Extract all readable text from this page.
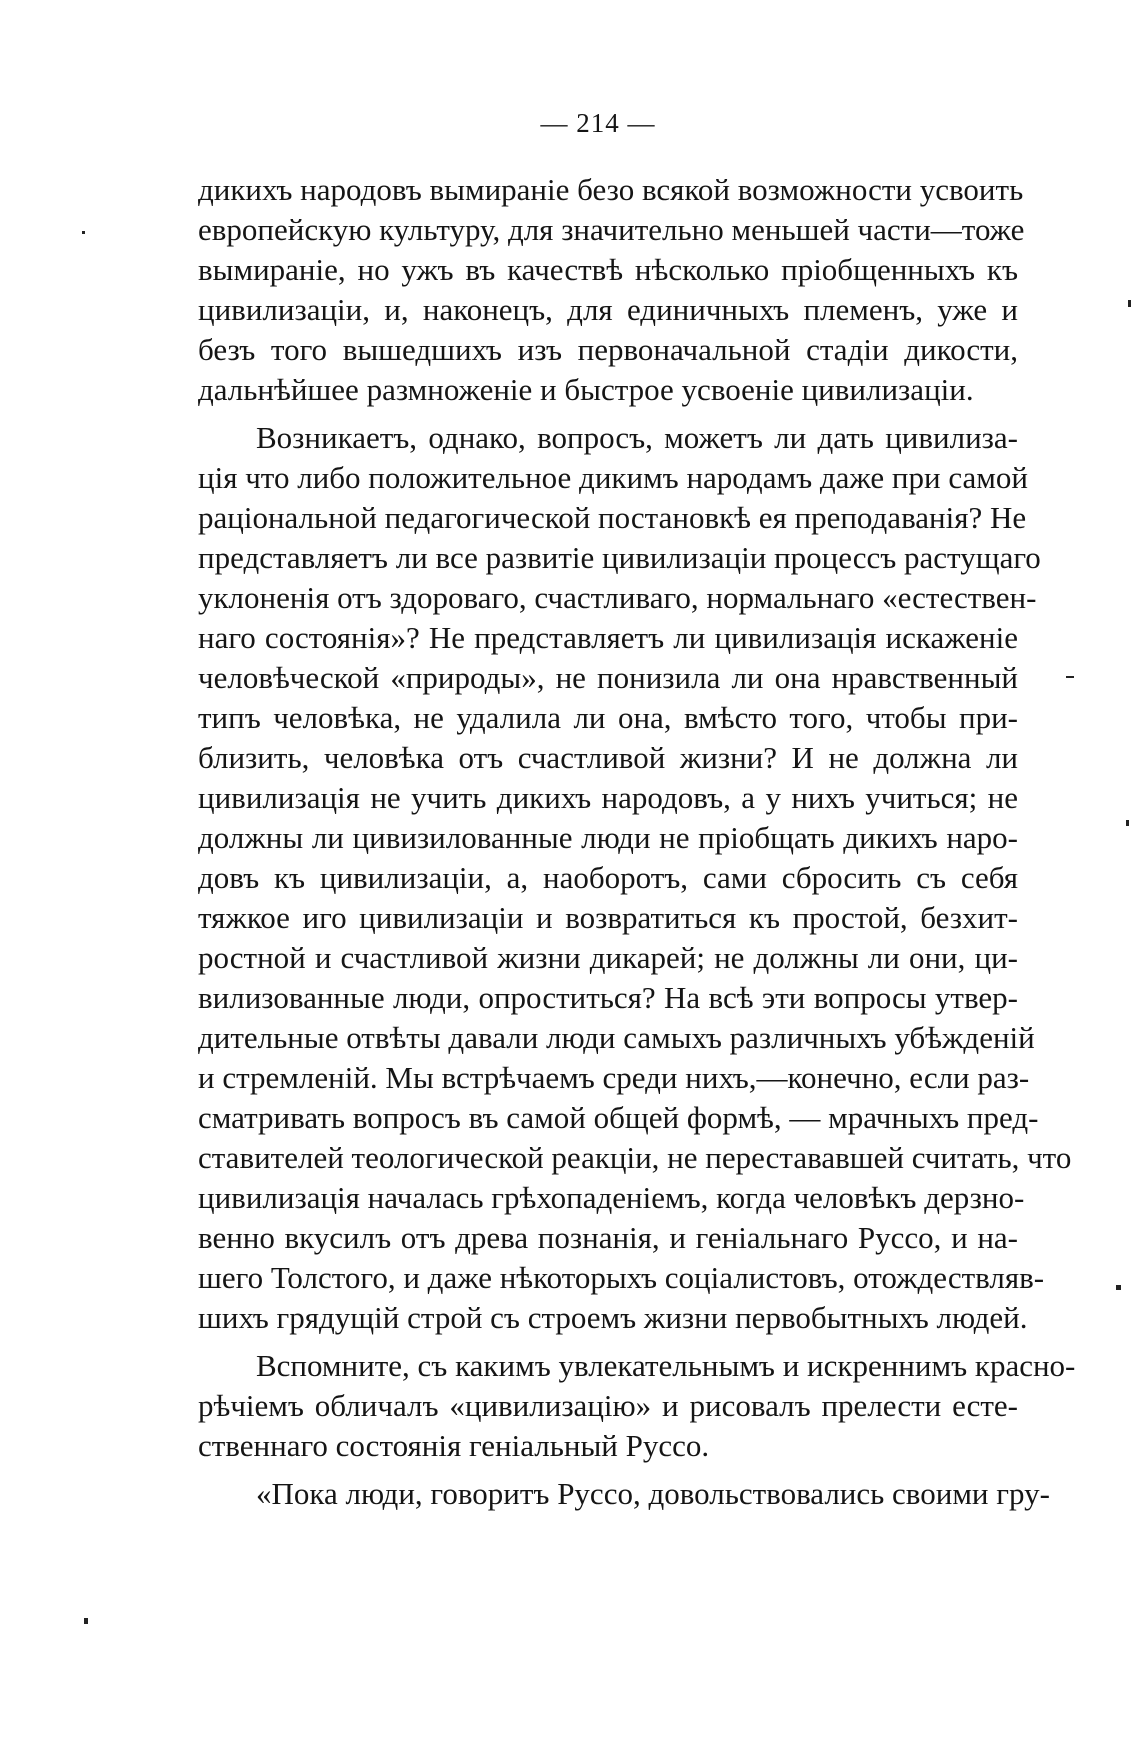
— 214 —
дикихъ народовъ вымираніе безо всякой возможности усвоить
европейскую культуру, для значительно меньшей части—тоже
вымираніе, но ужъ въ качествѣ нѣсколько пріобщенныхъ къ
цивилизаціи, и, наконецъ, для единичныхъ племенъ, уже и
безъ того вышедшихъ изъ первоначальной стадіи дикости,
дальнѣйшее размноженіе и быстрое усвоеніе цивилизаціи.
Возникаетъ, однако, вопросъ, можетъ ли дать цивилиза-
ція что либо положительное дикимъ народамъ даже при самой
раціональной педагогической постановкѣ ея преподаванія? Не
представляетъ ли все развитіе цивилизаціи процессъ растущаго
уклоненія отъ здороваго, счастливаго, нормальнаго «естествен-
наго состоянія»? Не представляетъ ли цивилизація искаженіе
человѣческой «природы», не понизила ли она нравственный
типъ человѣка, не удалила ли она, вмѣсто того, чтобы при-
близить, человѣка отъ счастливой жизни? И не должна ли
цивилизація не учить дикихъ народовъ, а у нихъ учиться; не
должны ли цивизилованные люди не пріобщать дикихъ наро-
довъ къ цивилизаціи, а, наоборотъ, сами сбросить съ себя
тяжкое иго цивилизаціи и возвратиться къ простой, безхит-
ростной и счастливой жизни дикарей; не должны ли они, ци-
вилизованные люди, опроститься? На всѣ эти вопросы утвер-
дительные отвѣты давали люди самыхъ различныхъ убѣжденій
и стремленій. Мы встрѣчаемъ среди нихъ,—конечно, если раз-
сматривать вопросъ въ самой общей формѣ, — мрачныхъ пред-
ставителей теологической реакціи, не перестававшей считать, что
цивилизація началась грѣхопаденіемъ, когда человѣкъ дерзно-
венно вкусилъ отъ древа познанія, и геніальнаго Руссо, и на-
шего Толстого, и даже нѣкоторыхъ соціалистовъ, отождествляв-
шихъ грядущій строй съ строемъ жизни первобытныхъ людей.
Вспомните, съ какимъ увлекательнымъ и искреннимъ красно-
рѣчіемъ обличалъ «цивилизацію» и рисовалъ прелести есте-
ственнаго состоянія геніальный Руссо.
«Пока люди, говоритъ Руссо, довольствовались своими гру-
